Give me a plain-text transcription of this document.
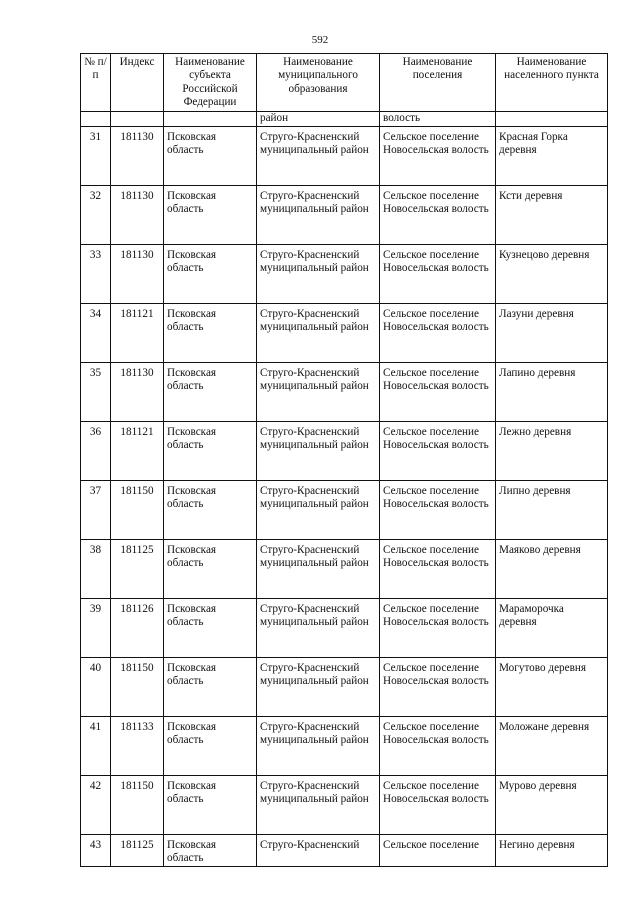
592
№ п/п	Индекс	Наименование субъекта Российской Федерации	Наименование муниципального образования	Наименование поселения	Наименование населенного пункта
			район	волость	
31	181130	Псковская область	Струго-Красненский муниципальный район	Сельское поселение Новосельская волость	Красная Горка деревня
32	181130	Псковская область	Струго-Красненский муниципальный район	Сельское поселение Новосельская волость	Ксти деревня
33	181130	Псковская область	Струго-Красненский муниципальный район	Сельское поселение Новосельская волость	Кузнецово деревня
34	181121	Псковская область	Струго-Красненский муниципальный район	Сельское поселение Новосельская волость	Лазуни деревня
35	181130	Псковская область	Струго-Красненский муниципальный район	Сельское поселение Новосельская волость	Лапино деревня
36	181121	Псковская область	Струго-Красненский муниципальный район	Сельское поселение Новосельская волость	Лежно деревня
37	181150	Псковская область	Струго-Красненский муниципальный район	Сельское поселение Новосельская волость	Липно деревня
38	181125	Псковская область	Струго-Красненский муниципальный район	Сельское поселение Новосельская волость	Маяково деревня
39	181126	Псковская область	Струго-Красненский муниципальный район	Сельское поселение Новосельская волость	Мараморочка деревня
40	181150	Псковская область	Струго-Красненский муниципальный район	Сельское поселение Новосельская волость	Могутово деревня
41	181133	Псковская область	Струго-Красненский муниципальный район	Сельское поселение Новосельская волость	Моложане деревня
42	181150	Псковская область	Струго-Красненский муниципальный район	Сельское поселение Новосельская волость	Мурово деревня
43	181125	Псковская область	Струго-Красненский	Сельское поселение	Негино деревня
